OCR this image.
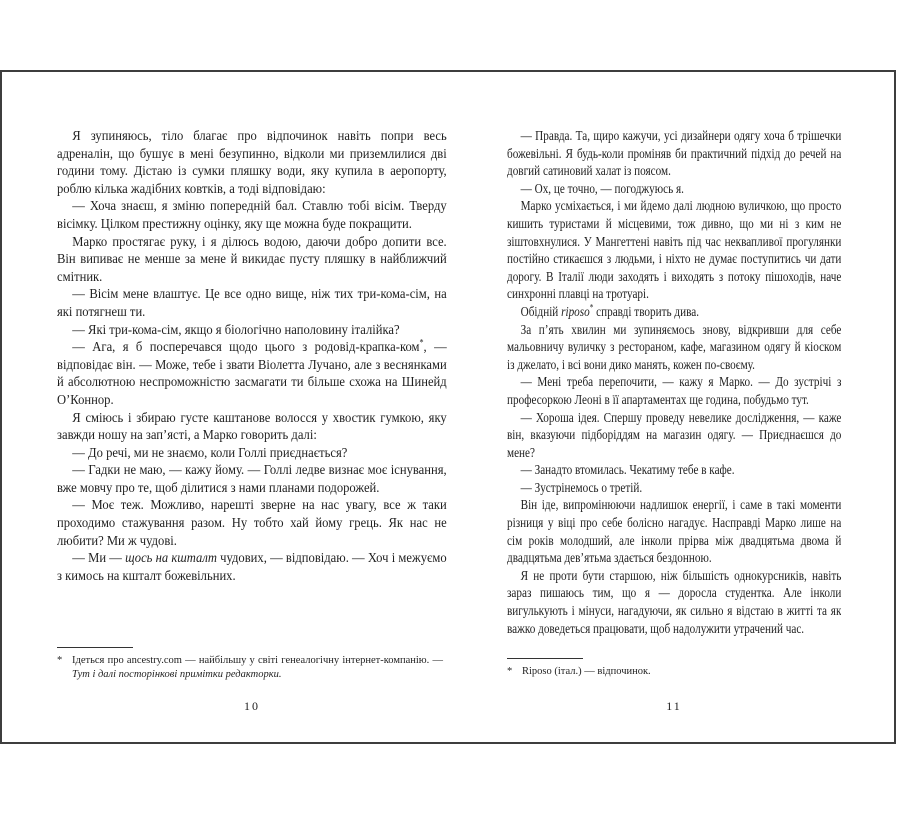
Я зупиняюсь, тіло благає про відпочинок навіть попри весь адреналін, що бушує в мені безупинно, відколи ми приземлилися дві години тому. Дістаю із сумки пляшку води, яку купила в аеропорту, роблю кілька жадібних ковтків, а тоді відповідаю:

— Хоча знаєш, я зміню попередній бал. Ставлю тобі вісім. Тверду вісімку. Цілком престижну оцінку, яку ще можна буде покращити.

Марко простягає руку, і я ділюсь водою, даючи добро допити все. Він випиває не менше за мене й викидає пусту пляшку в найближчий смітник.

— Вісім мене влаштує. Це все одно вище, ніж тих три-кома-сім, на які потягнеш ти.

— Які три-кома-сім, якщо я біологічно наполовину італійка?

— Ага, я б посперечався щодо цього з родовід-крапка-ком*, — відповідає він. — Може, тебе і звати Віолетта Лучано, але з веснянками й абсолютною неспроможністю засмагати ти більше схожа на Шинейд О’Коннор.

Я сміюсь і збираю густе каштанове волосся у хвостик гумкою, яку завжди ношу на зап’ясті, а Марко говорить далі:

— До речі, ми не знаємо, коли Голлі приєднається?

— Гадки не маю, — кажу йому. — Голлі ледве визнає моє існування, вже мовчу про те, щоб ділитися з нами планами подорожей.

— Моє теж. Можливо, нарешті зверне на нас увагу, все ж таки проходимо стажування разом. Ну тобто хай йому грець. Як нас не любити? Ми ж чудові.

— Ми — щось на кшталт чудових, — відповідаю. — Хоч і межуємо з кимось на кшталт божевільних.

— Правда. Та, щиро кажучи, усі дизайнери одягу хоча б трішечки божевільні. Я будь-коли проміняв би практичний підхід до речей на довгий сатиновий халат із поясом.

— Ох, це точно, — погоджуюсь я.

Марко усміхається, і ми йдемо далі людною вуличкою, що просто кишить туристами й місцевими, тож дивно, що ми ні з ким не зіштовхнулися. У Мангеттені навіть під час неквапливої прогулянки постійно стикаєшся з людьми, і ніхто не думає поступитись чи дати дорогу. В Італії люди заходять і виходять з потоку пішоходів, наче синхронні плавці на тротуарі.

Обідній riposo* справді творить дива.

За п’ять хвилин ми зупиняємось знову, відкривши для себе мальовничу вуличку з рестораном, кафе, магазином одягу й кіоском із джелато, і всі вони дико манять, кожен по-своєму.

— Мені треба перепочити, — кажу я Марко. — До зустрічі з професоркою Леоні в її апартаментах ще година, побудьмо тут.

— Хороша ідея. Спершу проведу невелике дослідження, — каже він, вказуючи підборіддям на магазин одягу. — Приєднаєшся до мене?

— Занадто втомилась. Чекатиму тебе в кафе.

— Зустрінемось о третій.

Він іде, випромінюючи надлишок енергії, і саме в такі моменти різниця у віці про себе болісно нагадує. Насправді Марко лише на сім років молодший, але інколи прірва між двадцятьма двома й двадцятьма дев’ятьма здається бездонною.

Я не проти бути старшою, ніж більшість однокурсників, навіть зараз пишаюсь тим, що я — доросла студентка. Але інколи вигулькують і мінуси, нагадуючи, як сильно я відстаю в житті та як важко доведеться працювати, щоб надолужити утрачений час.

* Ідеться про ancestry.com — найбільшу у світі генеалогічну інтернет-компанію. — Тут і далі посторінкові примітки редакторки.	* Riposo (італ.) — відпочинок.
10	11
